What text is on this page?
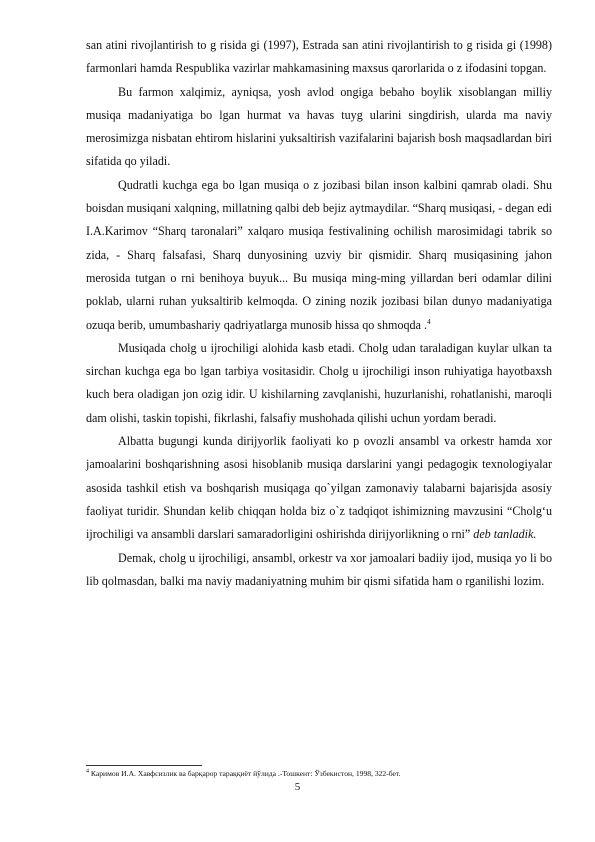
san atini rivojlantirish to g risida gi (1997), Estrada san atini rivojlantirish to g risida gi (1998) farmonlari hamda Respublika vazirlar mahkamasining maxsus qarorlarida o z ifodasini topgan.

Bu farmon xalqimiz, ayniqsa, yosh avlod ongiga bebaho boylik xisoblangan milliy musiqa madaniyatiga bo lgan hurmat va havas tuyg ularini singdirish, ularda ma naviy merosimizga nisbatan ehtirom hislarini yuksaltirish vazifalarini bajarish bosh maqsadlardan biri sifatida qo yiladi.

Qudratli kuchga ega bo lgan musiqa o z jozibasi bilan inson kalbini qamrab oladi. Shu boisdan musiqani xalqning, millatning qalbi deb bejiz aytmaydilar. “Sharq musiqasi, - degan edi I.A.Karimov “Sharq taronalari” xalqaro musiqa festivalining ochilish marosimidagi tabrik so zida, - Sharq falsafasi, Sharq dunyosining uzviy bir qismidir. Sharq musiqasining jahon merosida tutgan o rni benihoya buyuk... Bu musiqa ming-ming yillardan beri odamlar dilini poklab, ularni ruhan yuksaltirib kelmoqda. O zining nozik jozibasi bilan dunyo madaniyatiga ozuqa berib, umumbashariy qadriyatlarga munosib hissa qo shmoqda .$^4$

Musiqada cholg u ijrochiligi alohida kasb etadi. Cholg udan taraladigan kuylar ulkan ta sirchan kuchga ega bo lgan tarbiya vositasidir. Cholg u ijrochiligi inson ruhiyatiga hayotbaxsh kuch bera oladigan jon ozig idir. U kishilarning zavqlanishi, huzurlanishi, rohatlanishi, maroqli dam olishi, taskin topishi, fikrlashi, falsafiy mushohada qilishi uchun yordam beradi.

Albatta bugungi kunda dirijyorlik faoliyati ko p ovozli ansambl va orkestr hamda xor jamoalarini boshqarishning asosi hisoblanib musiqa darslarini yangi pedagogiк texnologiyalar asosida tashkil etish va boshqarish musiqaga qo`yilgan zamonaviy talabarni bajarisjda asosiy faoliyat turidir. Shundan kelib chiqqan holda biz o`z tadqiqot ishimizning mavzusini “Cholg‘u ijrochiligi va ansambli darslari samaradorligini oshirishda dirijyorlikning o rni” deb tanladik.

Demak, cholg u ijrochiligi, ansambl, orkestr va xor jamoalari badiiy ijod, musiqa yo li bo lib qolmasdan, balki ma naviy madaniyatning muhim bir qismi sifatida ham o rganilishi lozim.

$^4$ Каримов И.А. Хавфсизлик ва барқарор тараққиёт йўлида .-Тошкент: Ўзбекистон, 1998, 322-бет.
5
